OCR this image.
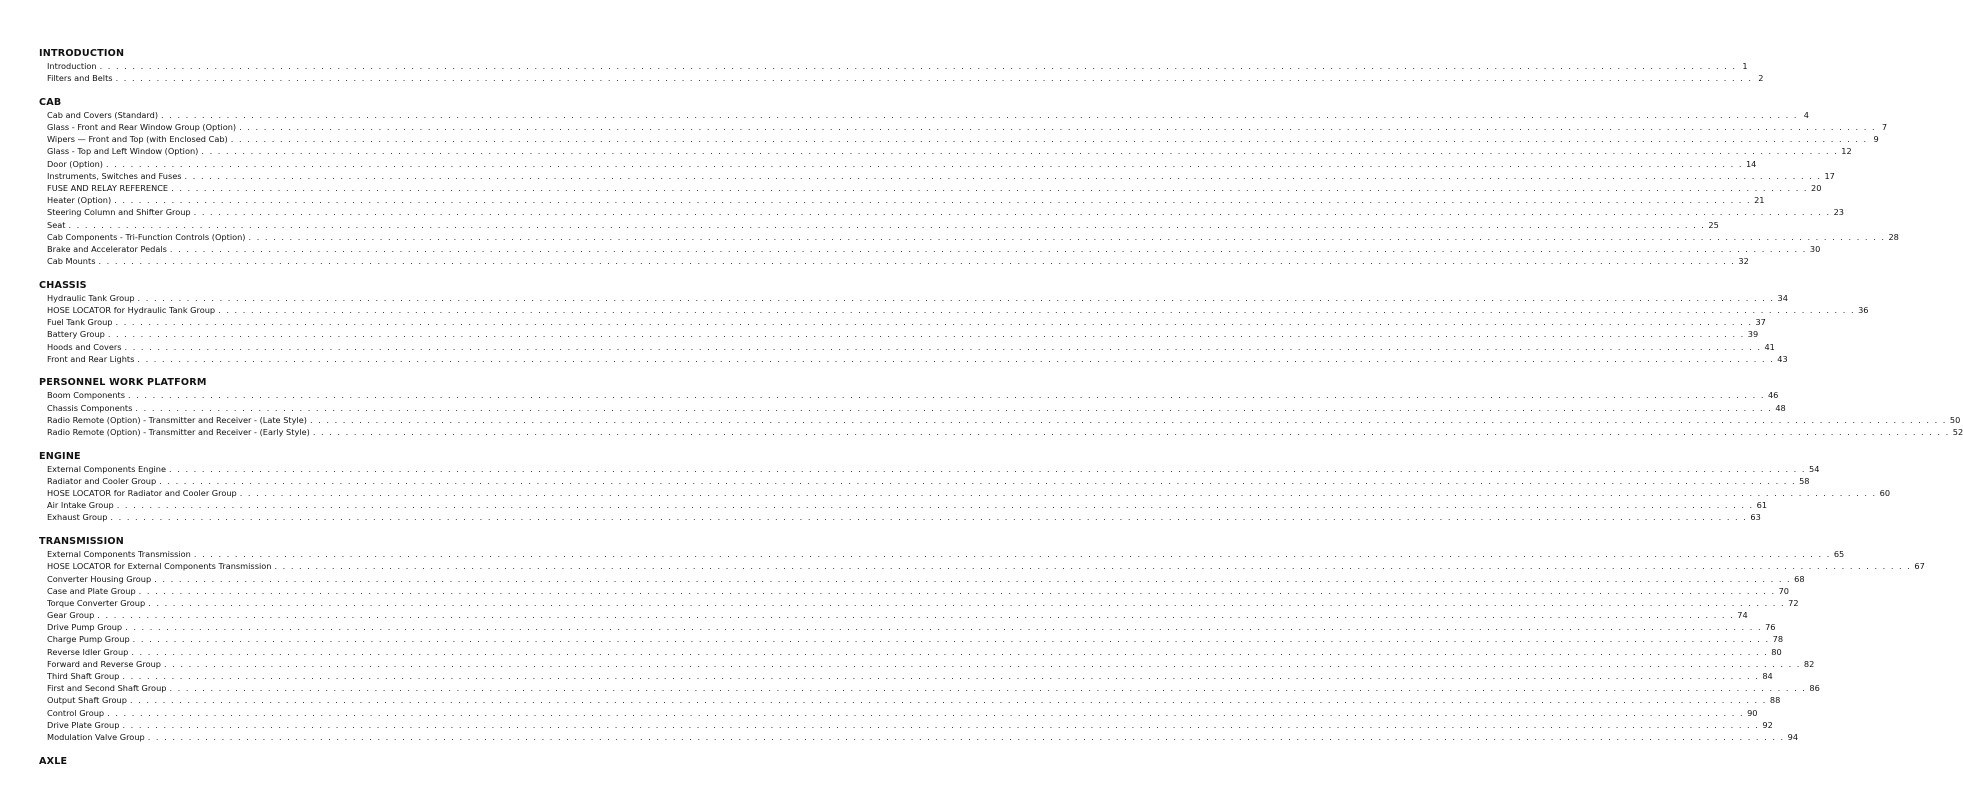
INTRODUCTION
Introduction . . . . . . . . . . . . . . . . . . . . . . . . . . . . . . . . . . . . . . . . . . . . . . . . . . . . . . . . . . . . . . . . . . . . . . . . . . . . . . . . . . . . . . . . . . . . . . . . . . . . . . . . . . . . . . . . . . . . . . . . . . . . . . . . . . . . . . . . . . . . . . . . . . . . . . . . . . . . . . . . . . . . . . . . . . . . . . . . . . . . . . . . . . . . . . . . . . . . . . . . 1
Filters and Belts . . . . . . . . . . . . . . . . . . . . . . . . . . . . . . . . . . . . . . . . . . . . . . . . . . . . . . . . . . . . . . . . . . . . . . . . . . . . . . . . . . . . . . . . . . . . . . . . . . . . . . . . . . . . . . . . . . . . . . . . . . . . . . . . . . . . . . . . . . . . . . . . . . . . . . . . . . . . . . . . . . . . . . . . . . . . . . . . . . . . . . . . . . . . . . . . . . . . . . . . 2
CAB
Cab and Covers (Standard) . . . . . . . . . . . . . . . . . . . . . . . . . . . . . . . . . . . . . . . . . . . . . . . . . . . . . . . . . . . . . . . . . . . . . . . . . . . . . . . . . . . . . . . . . . . . . . . . . . . . . . . . . . . . . . . . . . . . . . . . . . . . . . . . . . . . . . . . . . . . . . . . . . . . . . . . . . . . . . . . . . . . . . . . . . . . . . . . . . . . . . . . . . . . . . . . . . . . . . . . 4
Glass - Front and Rear Window Group (Option) . . . . . . . . . . . . . . . . . . . . . . . . . . . . . . . . . . . . . . . . . . . . . . . . . . . . . . . . . . . . . . . . . . . . . . . . . . . . . . . . . . . . . . . . . . . . . . . . . . . . . . . . . . . . . . . . . . . . . . . . . . . . . . . . . . . . . . . . . . . . . . . . . . . . . . . . . . . . . . . . . . . . . . . . . . . . . . . . . . . . . . . . . . . . . . . . . . . . . . . . 7
Wipers — Front and Top (with Enclosed Cab) . . . . . . . . . . . . . . . . . . . . . . . . . . . . . . . . . . . . . . . . . . . . . . . . . . . . . . . . . . . . . . . . . . . . . . . . . . . . . . . . . . . . . . . . . . . . . . . . . . . . . . . . . . . . . . . . . . . . . . . . . . . . . . . . . . . . . . . . . . . . . . . . . . . . . . . . . . . . . . . . . . . . . . . . . . . . . . . . . . . . . . . . . . . . . . . . . . . . . . . . 9
Glass - Top and Left Window (Option) . . . . . . . . . . . . . . . . . . . . . . . . . . . . . . . . . . . . . . . . . . . . . . . . . . . . . . . . . . . . . . . . . . . . . . . . . . . . . . . . . . . . . . . . . . . . . . . . . . . . . . . . . . . . . . . . . . . . . . . . . . . . . . . . . . . . . . . . . . . . . . . . . . . . . . . . . . . . . . . . . . . . . . . . . . . . . . . . . . . . . . . . . . . . . . . . . . . . . . . . 12
Door (Option) . . . . . . . . . . . . . . . . . . . . . . . . . . . . . . . . . . . . . . . . . . . . . . . . . . . . . . . . . . . . . . . . . . . . . . . . . . . . . . . . . . . . . . . . . . . . . . . . . . . . . . . . . . . . . . . . . . . . . . . . . . . . . . . . . . . . . . . . . . . . . . . . . . . . . . . . . . . . . . . . . . . . . . . . . . . . . . . . . . . . . . . . . . . . . . . . . . . . . . . . 14
Instruments, Switches and Fuses . . . . . . . . . . . . . . . . . . . . . . . . . . . . . . . . . . . . . . . . . . . . . . . . . . . . . . . . . . . . . . . . . . . . . . . . . . . . . . . . . . . . . . . . . . . . . . . . . . . . . . . . . . . . . . . . . . . . . . . . . . . . . . . . . . . . . . . . . . . . . . . . . . . . . . . . . . . . . . . . . . . . . . . . . . . . . . . . . . . . . . . . . . . . . . . . . . . . . . . . 17
FUSE AND RELAY REFERENCE . . . . . . . . . . . . . . . . . . . . . . . . . . . . . . . . . . . . . . . . . . . . . . . . . . . . . . . . . . . . . . . . . . . . . . . . . . . . . . . . . . . . . . . . . . . . . . . . . . . . . . . . . . . . . . . . . . . . . . . . . . . . . . . . . . . . . . . . . . . . . . . . . . . . . . . . . . . . . . . . . . . . . . . . . . . . . . . . . . . . . . . . . . . . . . . . . . . . . . . . 20
Heater (Option) . . . . . . . . . . . . . . . . . . . . . . . . . . . . . . . . . . . . . . . . . . . . . . . . . . . . . . . . . . . . . . . . . . . . . . . . . . . . . . . . . . . . . . . . . . . . . . . . . . . . . . . . . . . . . . . . . . . . . . . . . . . . . . . . . . . . . . . . . . . . . . . . . . . . . . . . . . . . . . . . . . . . . . . . . . . . . . . . . . . . . . . . . . . . . . . . . . . . . . . . 21
Steering Column and Shifter Group . . . . . . . . . . . . . . . . . . . . . . . . . . . . . . . . . . . . . . . . . . . . . . . . . . . . . . . . . . . . . . . . . . . . . . . . . . . . . . . . . . . . . . . . . . . . . . . . . . . . . . . . . . . . . . . . . . . . . . . . . . . . . . . . . . . . . . . . . . . . . . . . . . . . . . . . . . . . . . . . . . . . . . . . . . . . . . . . . . . . . . . . . . . . . . . . . . . . . . . . 23
Seat . . . . . . . . . . . . . . . . . . . . . . . . . . . . . . . . . . . . . . . . . . . . . . . . . . . . . . . . . . . . . . . . . . . . . . . . . . . . . . . . . . . . . . . . . . . . . . . . . . . . . . . . . . . . . . . . . . . . . . . . . . . . . . . . . . . . . . . . . . . . . . . . . . . . . . . . . . . . . . . . . . . . . . . . . . . . . . . . . . . . . . . . . . . . . . . . . . . . . . . . 25
Cab Components - Tri-Function Controls (Option) . . . . . . . . . . . . . . . . . . . . . . . . . . . . . . . . . . . . . . . . . . . . . . . . . . . . . . . . . . . . . . . . . . . . . . . . . . . . . . . . . . . . . . . . . . . . . . . . . . . . . . . . . . . . . . . . . . . . . . . . . . . . . . . . . . . . . . . . . . . . . . . . . . . . . . . . . . . . . . . . . . . . . . . . . . . . . . . . . . . . . . . . . . . . . . . . . . . . . . . . 28
Brake and Accelerator Pedals . . . . . . . . . . . . . . . . . . . . . . . . . . . . . . . . . . . . . . . . . . . . . . . . . . . . . . . . . . . . . . . . . . . . . . . . . . . . . . . . . . . . . . . . . . . . . . . . . . . . . . . . . . . . . . . . . . . . . . . . . . . . . . . . . . . . . . . . . . . . . . . . . . . . . . . . . . . . . . . . . . . . . . . . . . . . . . . . . . . . . . . . . . . . . . . . . . . . . . . . 30
Cab Mounts . . . . . . . . . . . . . . . . . . . . . . . . . . . . . . . . . . . . . . . . . . . . . . . . . . . . . . . . . . . . . . . . . . . . . . . . . . . . . . . . . . . . . . . . . . . . . . . . . . . . . . . . . . . . . . . . . . . . . . . . . . . . . . . . . . . . . . . . . . . . . . . . . . . . . . . . . . . . . . . . . . . . . . . . . . . . . . . . . . . . . . . . . . . . . . . . . . . . . . . . 32
CHASSIS
Hydraulic Tank Group . . . . . . . . . . . . . . . . . . . . . . . . . . . . . . . . . . . . . . . . . . . . . . . . . . . . . . . . . . . . . . . . . . . . . . . . . . . . . . . . . . . . . . . . . . . . . . . . . . . . . . . . . . . . . . . . . . . . . . . . . . . . . . . . . . . . . . . . . . . . . . . . . . . . . . . . . . . . . . . . . . . . . . . . . . . . . . . . . . . . . . . . . . . . . . . . . . . . . . . . 34
HOSE LOCATOR for Hydraulic Tank Group . . . . . . . . . . . . . . . . . . . . . . . . . . . . . . . . . . . . . . . . . . . . . . . . . . . . . . . . . . . . . . . . . . . . . . . . . . . . . . . . . . . . . . . . . . . . . . . . . . . . . . . . . . . . . . . . . . . . . . . . . . . . . . . . . . . . . . . . . . . . . . . . . . . . . . . . . . . . . . . . . . . . . . . . . . . . . . . . . . . . . . . . . . . . . . . . . . . . . . . . 36
Fuel Tank Group . . . . . . . . . . . . . . . . . . . . . . . . . . . . . . . . . . . . . . . . . . . . . . . . . . . . . . . . . . . . . . . . . . . . . . . . . . . . . . . . . . . . . . . . . . . . . . . . . . . . . . . . . . . . . . . . . . . . . . . . . . . . . . . . . . . . . . . . . . . . . . . . . . . . . . . . . . . . . . . . . . . . . . . . . . . . . . . . . . . . . . . . . . . . . . . . . . . . . . . . 37
Battery Group . . . . . . . . . . . . . . . . . . . . . . . . . . . . . . . . . . . . . . . . . . . . . . . . . . . . . . . . . . . . . . . . . . . . . . . . . . . . . . . . . . . . . . . . . . . . . . . . . . . . . . . . . . . . . . . . . . . . . . . . . . . . . . . . . . . . . . . . . . . . . . . . . . . . . . . . . . . . . . . . . . . . . . . . . . . . . . . . . . . . . . . . . . . . . . . . . . . . . . . . 39
Hoods and Covers . . . . . . . . . . . . . . . . . . . . . . . . . . . . . . . . . . . . . . . . . . . . . . . . . . . . . . . . . . . . . . . . . . . . . . . . . . . . . . . . . . . . . . . . . . . . . . . . . . . . . . . . . . . . . . . . . . . . . . . . . . . . . . . . . . . . . . . . . . . . . . . . . . . . . . . . . . . . . . . . . . . . . . . . . . . . . . . . . . . . . . . . . . . . . . . . . . . . . . . . 41
Front and Rear Lights . . . . . . . . . . . . . . . . . . . . . . . . . . . . . . . . . . . . . . . . . . . . . . . . . . . . . . . . . . . . . . . . . . . . . . . . . . . . . . . . . . . . . . . . . . . . . . . . . . . . . . . . . . . . . . . . . . . . . . . . . . . . . . . . . . . . . . . . . . . . . . . . . . . . . . . . . . . . . . . . . . . . . . . . . . . . . . . . . . . . . . . . . . . . . . . . . . . . . . . . 43
PERSONNEL WORK PLATFORM
Boom Components . . . . . . . . . . . . . . . . . . . . . . . . . . . . . . . . . . . . . . . . . . . . . . . . . . . . . . . . . . . . . . . . . . . . . . . . . . . . . . . . . . . . . . . . . . . . . . . . . . . . . . . . . . . . . . . . . . . . . . . . . . . . . . . . . . . . . . . . . . . . . . . . . . . . . . . . . . . . . . . . . . . . . . . . . . . . . . . . . . . . . . . . . . . . . . . . . . . . . . . . 46
Chassis Components . . . . . . . . . . . . . . . . . . . . . . . . . . . . . . . . . . . . . . . . . . . . . . . . . . . . . . . . . . . . . . . . . . . . . . . . . . . . . . . . . . . . . . . . . . . . . . . . . . . . . . . . . . . . . . . . . . . . . . . . . . . . . . . . . . . . . . . . . . . . . . . . . . . . . . . . . . . . . . . . . . . . . . . . . . . . . . . . . . . . . . . . . . . . . . . . . . . . . . . . 48
Radio Remote (Option) - Transmitter and Receiver - (Late Style) . . . . . . . . . . . . . . . . . . . . . . . . . . . . . . . . . . . . . . . . . . . . . . . . . . . . . . . . . . . . . . . . . . . . . . . . . . . . . . . . . . . . . . . . . . . . . . . . . . . . . . . . . . . . . . . . . . . . . . . . . . . . . . . . . . . . . . . . . . . . . . . . . . . . . . . . . . . . . . . . . . . . . . . . . . . . . . . . . . . . . . . . . . . . . . . . . . . . . . . . 50
Radio Remote (Option) - Transmitter and Receiver - (Early Style) . . . . . . . . . . . . . . . . . . . . . . . . . . . . . . . . . . . . . . . . . . . . . . . . . . . . . . . . . . . . . . . . . . . . . . . . . . . . . . . . . . . . . . . . . . . . . . . . . . . . . . . . . . . . . . . . . . . . . . . . . . . . . . . . . . . . . . . . . . . . . . . . . . . . . . . . . . . . . . . . . . . . . . . . . . . . . . . . . . . . . . . . . . . . . . . . . . . . . . . . 52
ENGINE
External Components Engine . . . . . . . . . . . . . . . . . . . . . . . . . . . . . . . . . . . . . . . . . . . . . . . . . . . . . . . . . . . . . . . . . . . . . . . . . . . . . . . . . . . . . . . . . . . . . . . . . . . . . . . . . . . . . . . . . . . . . . . . . . . . . . . . . . . . . . . . . . . . . . . . . . . . . . . . . . . . . . . . . . . . . . . . . . . . . . . . . . . . . . . . . . . . . . . . . . . . . . . . 54
Radiator and Cooler Group . . . . . . . . . . . . . . . . . . . . . . . . . . . . . . . . . . . . . . . . . . . . . . . . . . . . . . . . . . . . . . . . . . . . . . . . . . . . . . . . . . . . . . . . . . . . . . . . . . . . . . . . . . . . . . . . . . . . . . . . . . . . . . . . . . . . . . . . . . . . . . . . . . . . . . . . . . . . . . . . . . . . . . . . . . . . . . . . . . . . . . . . . . . . . . . . . . . . . . . . 58
HOSE LOCATOR for Radiator and Cooler Group . . . . . . . . . . . . . . . . . . . . . . . . . . . . . . . . . . . . . . . . . . . . . . . . . . . . . . . . . . . . . . . . . . . . . . . . . . . . . . . . . . . . . . . . . . . . . . . . . . . . . . . . . . . . . . . . . . . . . . . . . . . . . . . . . . . . . . . . . . . . . . . . . . . . . . . . . . . . . . . . . . . . . . . . . . . . . . . . . . . . . . . . . . . . . . . . . . . . . . . . 60
Air Intake Group . . . . . . . . . . . . . . . . . . . . . . . . . . . . . . . . . . . . . . . . . . . . . . . . . . . . . . . . . . . . . . . . . . . . . . . . . . . . . . . . . . . . . . . . . . . . . . . . . . . . . . . . . . . . . . . . . . . . . . . . . . . . . . . . . . . . . . . . . . . . . . . . . . . . . . . . . . . . . . . . . . . . . . . . . . . . . . . . . . . . . . . . . . . . . . . . . . . . . . . . 61
Exhaust Group . . . . . . . . . . . . . . . . . . . . . . . . . . . . . . . . . . . . . . . . . . . . . . . . . . . . . . . . . . . . . . . . . . . . . . . . . . . . . . . . . . . . . . . . . . . . . . . . . . . . . . . . . . . . . . . . . . . . . . . . . . . . . . . . . . . . . . . . . . . . . . . . . . . . . . . . . . . . . . . . . . . . . . . . . . . . . . . . . . . . . . . . . . . . . . . . . . . . . . . . 63
TRANSMISSION
External Components Transmission . . . . . . . . . . . . . . . . . . . . . . . . . . . . . . . . . . . . . . . . . . . . . . . . . . . . . . . . . . . . . . . . . . . . . . . . . . . . . . . . . . . . . . . . . . . . . . . . . . . . . . . . . . . . . . . . . . . . . . . . . . . . . . . . . . . . . . . . . . . . . . . . . . . . . . . . . . . . . . . . . . . . . . . . . . . . . . . . . . . . . . . . . . . . . . . . . . . . . . . . 65
HOSE LOCATOR for External Components Transmission . . . . . . . . . . . . . . . . . . . . . . . . . . . . . . . . . . . . . . . . . . . . . . . . . . . . . . . . . . . . . . . . . . . . . . . . . . . . . . . . . . . . . . . . . . . . . . . . . . . . . . . . . . . . . . . . . . . . . . . . . . . . . . . . . . . . . . . . . . . . . . . . . . . . . . . . . . . . . . . . . . . . . . . . . . . . . . . . . . . . . . . . . . . . . . . . . . . . . . . . 67
Converter Housing Group . . . . . . . . . . . . . . . . . . . . . . . . . . . . . . . . . . . . . . . . . . . . . . . . . . . . . . . . . . . . . . . . . . . . . . . . . . . . . . . . . . . . . . . . . . . . . . . . . . . . . . . . . . . . . . . . . . . . . . . . . . . . . . . . . . . . . . . . . . . . . . . . . . . . . . . . . . . . . . . . . . . . . . . . . . . . . . . . . . . . . . . . . . . . . . . . . . . . . . . . 68
Case and Plate Group . . . . . . . . . . . . . . . . . . . . . . . . . . . . . . . . . . . . . . . . . . . . . . . . . . . . . . . . . . . . . . . . . . . . . . . . . . . . . . . . . . . . . . . . . . . . . . . . . . . . . . . . . . . . . . . . . . . . . . . . . . . . . . . . . . . . . . . . . . . . . . . . . . . . . . . . . . . . . . . . . . . . . . . . . . . . . . . . . . . . . . . . . . . . . . . . . . . . . . . . 70
Torque Converter Group . . . . . . . . . . . . . . . . . . . . . . . . . . . . . . . . . . . . . . . . . . . . . . . . . . . . . . . . . . . . . . . . . . . . . . . . . . . . . . . . . . . . . . . . . . . . . . . . . . . . . . . . . . . . . . . . . . . . . . . . . . . . . . . . . . . . . . . . . . . . . . . . . . . . . . . . . . . . . . . . . . . . . . . . . . . . . . . . . . . . . . . . . . . . . . . . . . . . . . . . 72
Gear Group . . . . . . . . . . . . . . . . . . . . . . . . . . . . . . . . . . . . . . . . . . . . . . . . . . . . . . . . . . . . . . . . . . . . . . . . . . . . . . . . . . . . . . . . . . . . . . . . . . . . . . . . . . . . . . . . . . . . . . . . . . . . . . . . . . . . . . . . . . . . . . . . . . . . . . . . . . . . . . . . . . . . . . . . . . . . . . . . . . . . . . . . . . . . . . . . . . . . . . . . 74
Drive Pump Group . . . . . . . . . . . . . . . . . . . . . . . . . . . . . . . . . . . . . . . . . . . . . . . . . . . . . . . . . . . . . . . . . . . . . . . . . . . . . . . . . . . . . . . . . . . . . . . . . . . . . . . . . . . . . . . . . . . . . . . . . . . . . . . . . . . . . . . . . . . . . . . . . . . . . . . . . . . . . . . . . . . . . . . . . . . . . . . . . . . . . . . . . . . . . . . . . . . . . . . . 76
Charge Pump Group . . . . . . . . . . . . . . . . . . . . . . . . . . . . . . . . . . . . . . . . . . . . . . . . . . . . . . . . . . . . . . . . . . . . . . . . . . . . . . . . . . . . . . . . . . . . . . . . . . . . . . . . . . . . . . . . . . . . . . . . . . . . . . . . . . . . . . . . . . . . . . . . . . . . . . . . . . . . . . . . . . . . . . . . . . . . . . . . . . . . . . . . . . . . . . . . . . . . . . . . 78
Reverse Idler Group . . . . . . . . . . . . . . . . . . . . . . . . . . . . . . . . . . . . . . . . . . . . . . . . . . . . . . . . . . . . . . . . . . . . . . . . . . . . . . . . . . . . . . . . . . . . . . . . . . . . . . . . . . . . . . . . . . . . . . . . . . . . . . . . . . . . . . . . . . . . . . . . . . . . . . . . . . . . . . . . . . . . . . . . . . . . . . . . . . . . . . . . . . . . . . . . . . . . . . . . 80
Forward and Reverse Group . . . . . . . . . . . . . . . . . . . . . . . . . . . . . . . . . . . . . . . . . . . . . . . . . . . . . . . . . . . . . . . . . . . . . . . . . . . . . . . . . . . . . . . . . . . . . . . . . . . . . . . . . . . . . . . . . . . . . . . . . . . . . . . . . . . . . . . . . . . . . . . . . . . . . . . . . . . . . . . . . . . . . . . . . . . . . . . . . . . . . . . . . . . . . . . . . . . . . . . . 82
Third Shaft Group . . . . . . . . . . . . . . . . . . . . . . . . . . . . . . . . . . . . . . . . . . . . . . . . . . . . . . . . . . . . . . . . . . . . . . . . . . . . . . . . . . . . . . . . . . . . . . . . . . . . . . . . . . . . . . . . . . . . . . . . . . . . . . . . . . . . . . . . . . . . . . . . . . . . . . . . . . . . . . . . . . . . . . . . . . . . . . . . . . . . . . . . . . . . . . . . . . . . . . . . 84
First and Second Shaft Group . . . . . . . . . . . . . . . . . . . . . . . . . . . . . . . . . . . . . . . . . . . . . . . . . . . . . . . . . . . . . . . . . . . . . . . . . . . . . . . . . . . . . . . . . . . . . . . . . . . . . . . . . . . . . . . . . . . . . . . . . . . . . . . . . . . . . . . . . . . . . . . . . . . . . . . . . . . . . . . . . . . . . . . . . . . . . . . . . . . . . . . . . . . . . . . . . . . . . . . . 86
Output Shaft Group . . . . . . . . . . . . . . . . . . . . . . . . . . . . . . . . . . . . . . . . . . . . . . . . . . . . . . . . . . . . . . . . . . . . . . . . . . . . . . . . . . . . . . . . . . . . . . . . . . . . . . . . . . . . . . . . . . . . . . . . . . . . . . . . . . . . . . . . . . . . . . . . . . . . . . . . . . . . . . . . . . . . . . . . . . . . . . . . . . . . . . . . . . . . . . . . . . . . . . . . 88
Control Group . . . . . . . . . . . . . . . . . . . . . . . . . . . . . . . . . . . . . . . . . . . . . . . . . . . . . . . . . . . . . . . . . . . . . . . . . . . . . . . . . . . . . . . . . . . . . . . . . . . . . . . . . . . . . . . . . . . . . . . . . . . . . . . . . . . . . . . . . . . . . . . . . . . . . . . . . . . . . . . . . . . . . . . . . . . . . . . . . . . . . . . . . . . . . . . . . . . . . . . . 90
Drive Plate Group . . . . . . . . . . . . . . . . . . . . . . . . . . . . . . . . . . . . . . . . . . . . . . . . . . . . . . . . . . . . . . . . . . . . . . . . . . . . . . . . . . . . . . . . . . . . . . . . . . . . . . . . . . . . . . . . . . . . . . . . . . . . . . . . . . . . . . . . . . . . . . . . . . . . . . . . . . . . . . . . . . . . . . . . . . . . . . . . . . . . . . . . . . . . . . . . . . . . . . . . 92
Modulation Valve Group . . . . . . . . . . . . . . . . . . . . . . . . . . . . . . . . . . . . . . . . . . . . . . . . . . . . . . . . . . . . . . . . . . . . . . . . . . . . . . . . . . . . . . . . . . . . . . . . . . . . . . . . . . . . . . . . . . . . . . . . . . . . . . . . . . . . . . . . . . . . . . . . . . . . . . . . . . . . . . . . . . . . . . . . . . . . . . . . . . . . . . . . . . . . . . . . . . . . . . . . 94
AXLE
